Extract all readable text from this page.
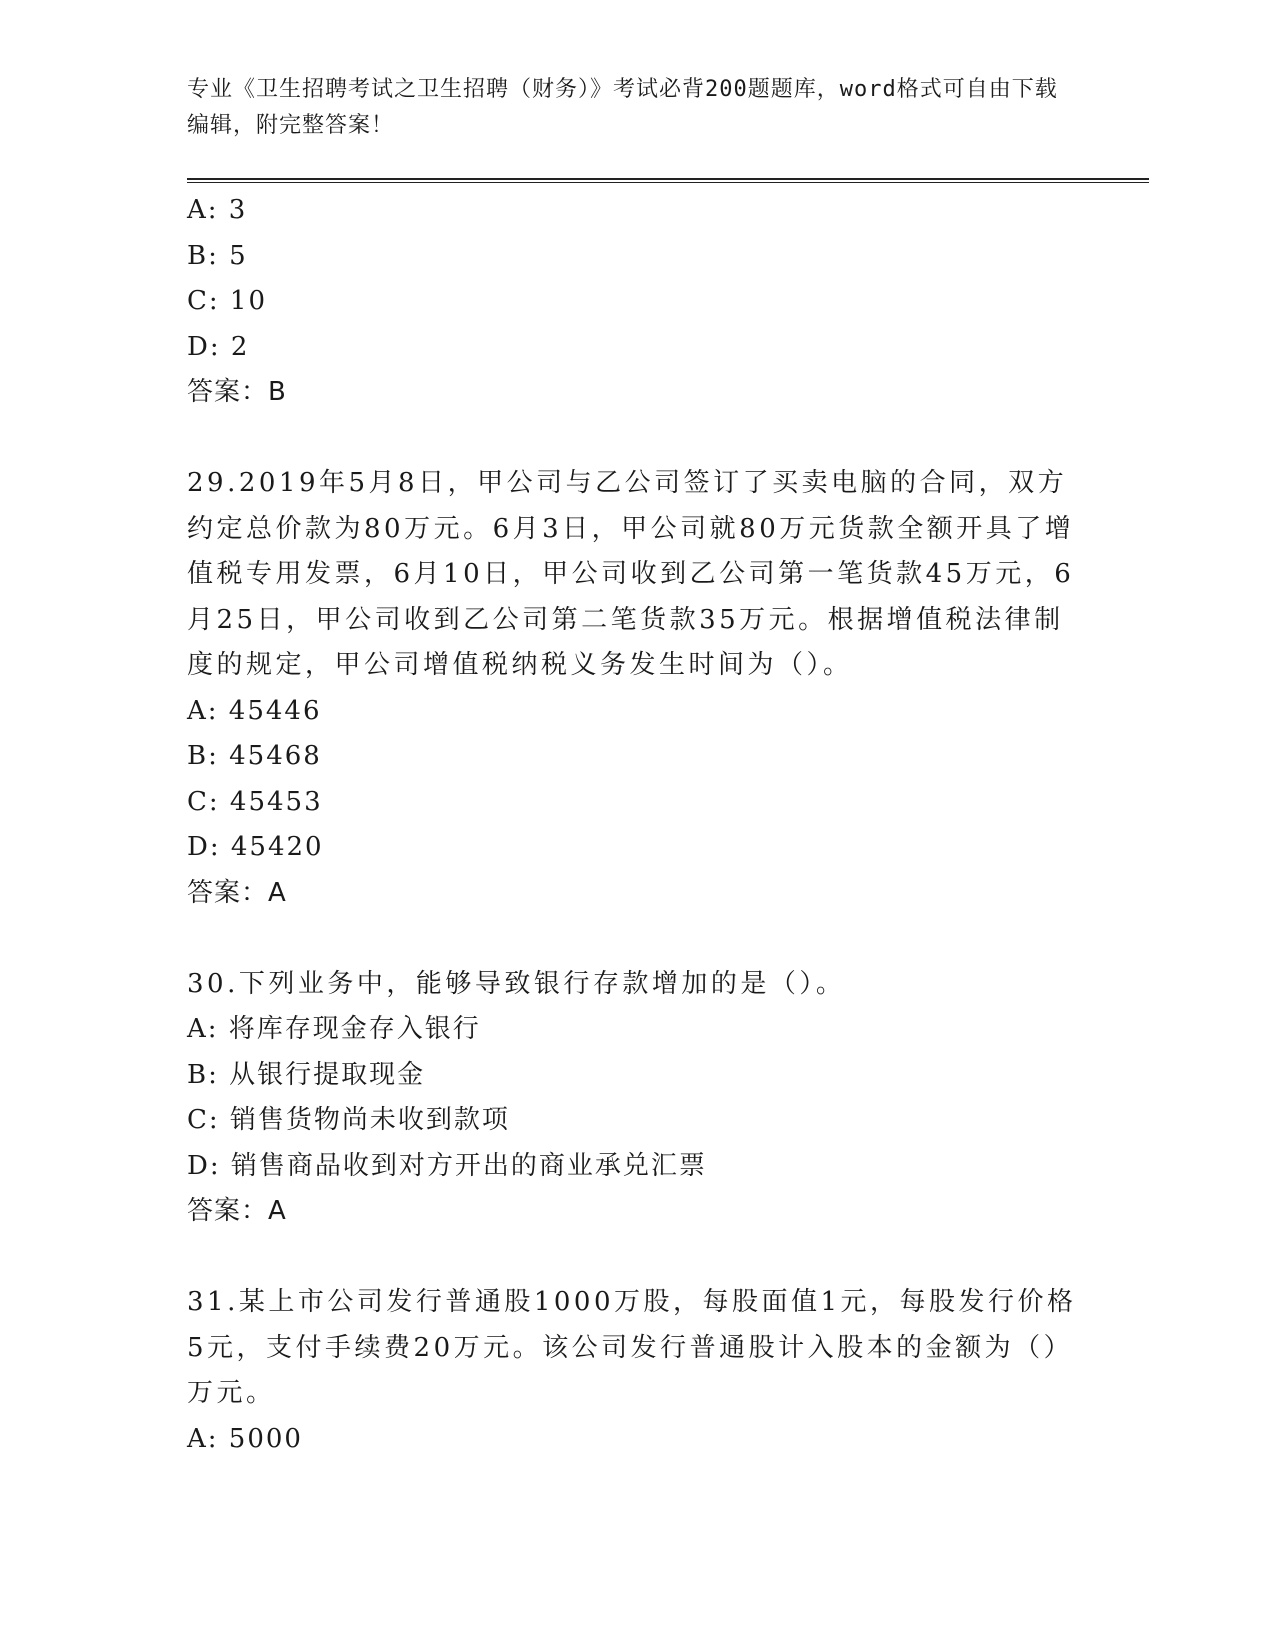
专业《卫生招聘考试之卫生招聘（财务）》考试必背200题题库，word格式可自由下载编辑，附完整答案！
A: 3
B: 5
C: 10
D: 2
答案：B
29.2019年5月8日，甲公司与乙公司签订了买卖电脑的合同，双方约定总价款为80万元。6月3日，甲公司就80万元货款全额开具了增值税专用发票，6月10日，甲公司收到乙公司第一笔货款45万元，6月25日，甲公司收到乙公司第二笔货款35万元。根据增值税法律制度的规定，甲公司增值税纳税义务发生时间为（）。
A: 45446
B: 45468
C: 45453
D: 45420
答案：A
30.下列业务中，能够导致银行存款增加的是（）。
A: 将库存现金存入银行
B: 从银行提取现金
C: 销售货物尚未收到款项
D: 销售商品收到对方开出的商业承兑汇票
答案：A
31.某上市公司发行普通股1000万股，每股面值1元，每股发行价格5元，支付手续费20万元。该公司发行普通股计入股本的金额为（）万元。
A: 5000
